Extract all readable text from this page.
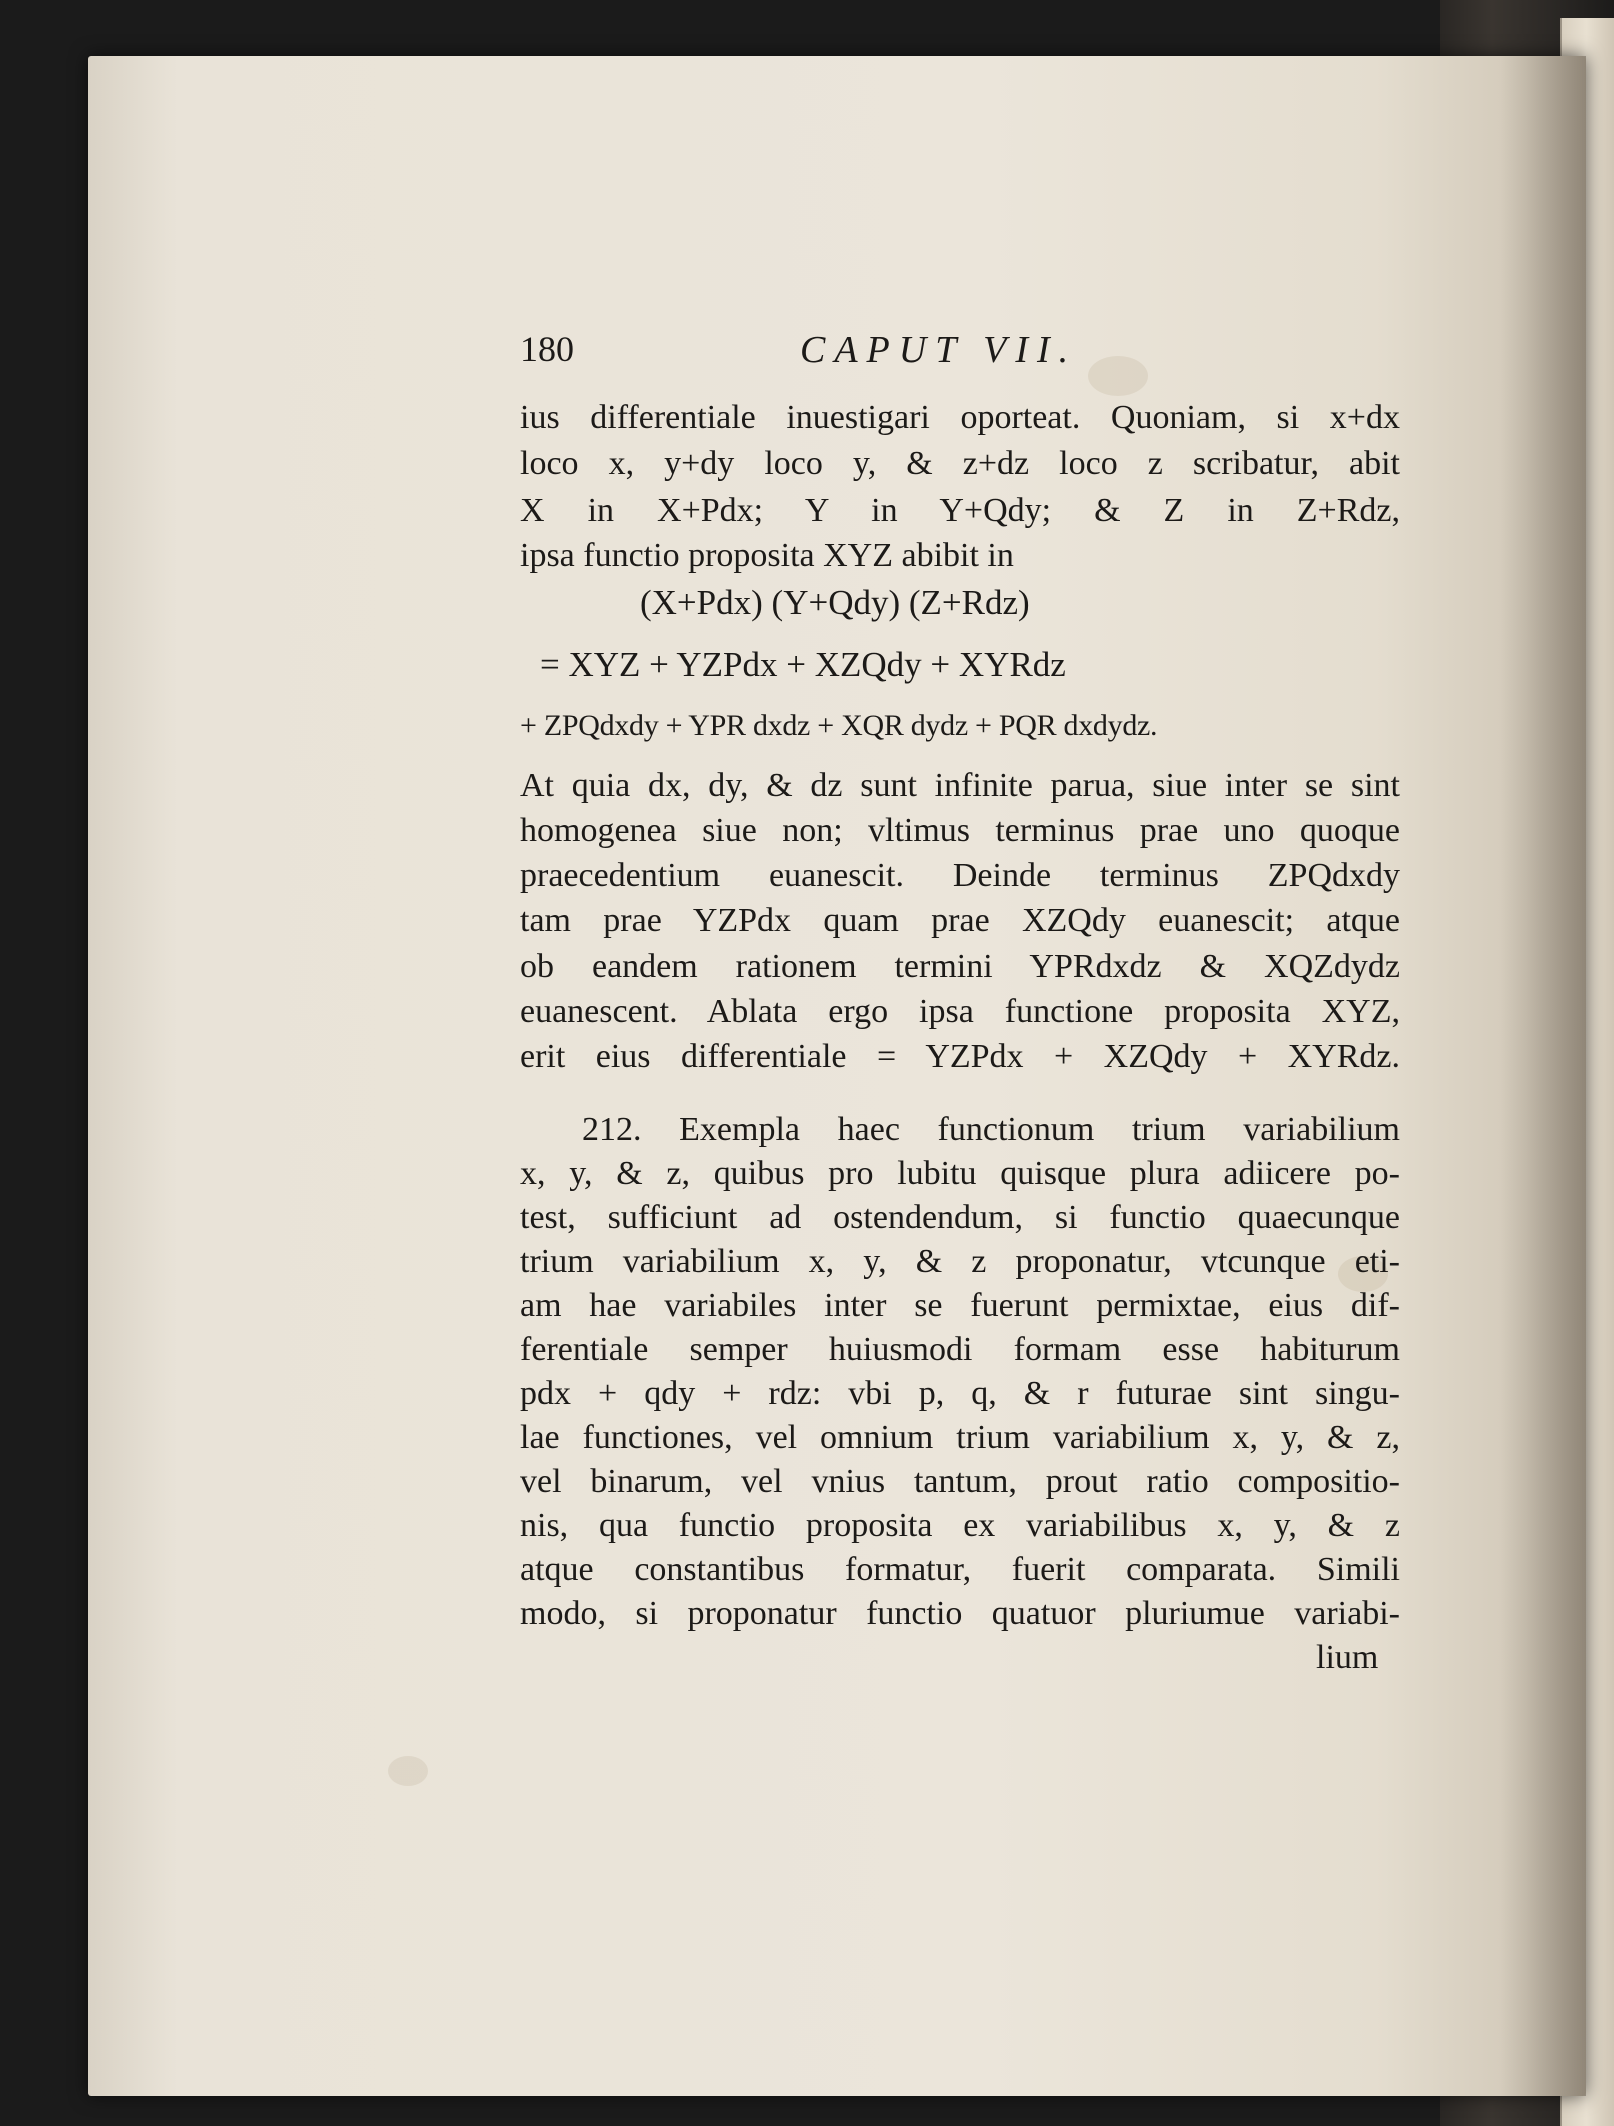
180	CAPUT VII.
ius differentiale inuestigari oporteat. Quoniam, si x+dx
loco x, y+dy loco y, & z+dz loco z scribatur, abit
X in X+Pdx; Y in Y+Qdy; & Z in Z+Rdz,
ipsa functio proposita XYZ abibit in
(X+Pdx) (Y+Qdy) (Z+Rdz)
= XYZ + YZPdx + XZQdy + XYRdz
+ ZPQdxdy + YPR dxdz + XQR dydz + PQR dxdydz.
At quia dx, dy, & dz sunt infinite parua, siue inter se sint
homogenea siue non; vltimus terminus prae uno quoque
praecedentium euanescit. Deinde terminus ZPQdxdy
tam prae YZPdx quam prae XZQdy euanescit; atque
ob eandem rationem termini YPRdxdz & XQZdydz
euanescent. Ablata ergo ipsa functione proposita XYZ,
erit eius differentiale = YZPdx + XZQdy + XYRdz.
212. Exempla haec functionum trium variabilium
x, y, & z, quibus pro lubitu quisque plura adiicere po-
test, sufficiunt ad ostendendum, si functio quaecunque
trium variabilium x, y, & z proponatur, vtcunque eti-
am hae variabiles inter se fuerunt permixtae, eius dif-
ferentiale semper huiusmodi formam esse habiturum
pdx + qdy + rdz: vbi p, q, & r futurae sint singu-
lae functiones, vel omnium trium variabilium x, y, & z,
vel binarum, vel vnius tantum, prout ratio compositio-
nis, qua functio proposita ex variabilibus x, y, & z
atque constantibus formatur, fuerit comparata. Simili
modo, si proponatur functio quatuor pluriumue variabi-
lium
